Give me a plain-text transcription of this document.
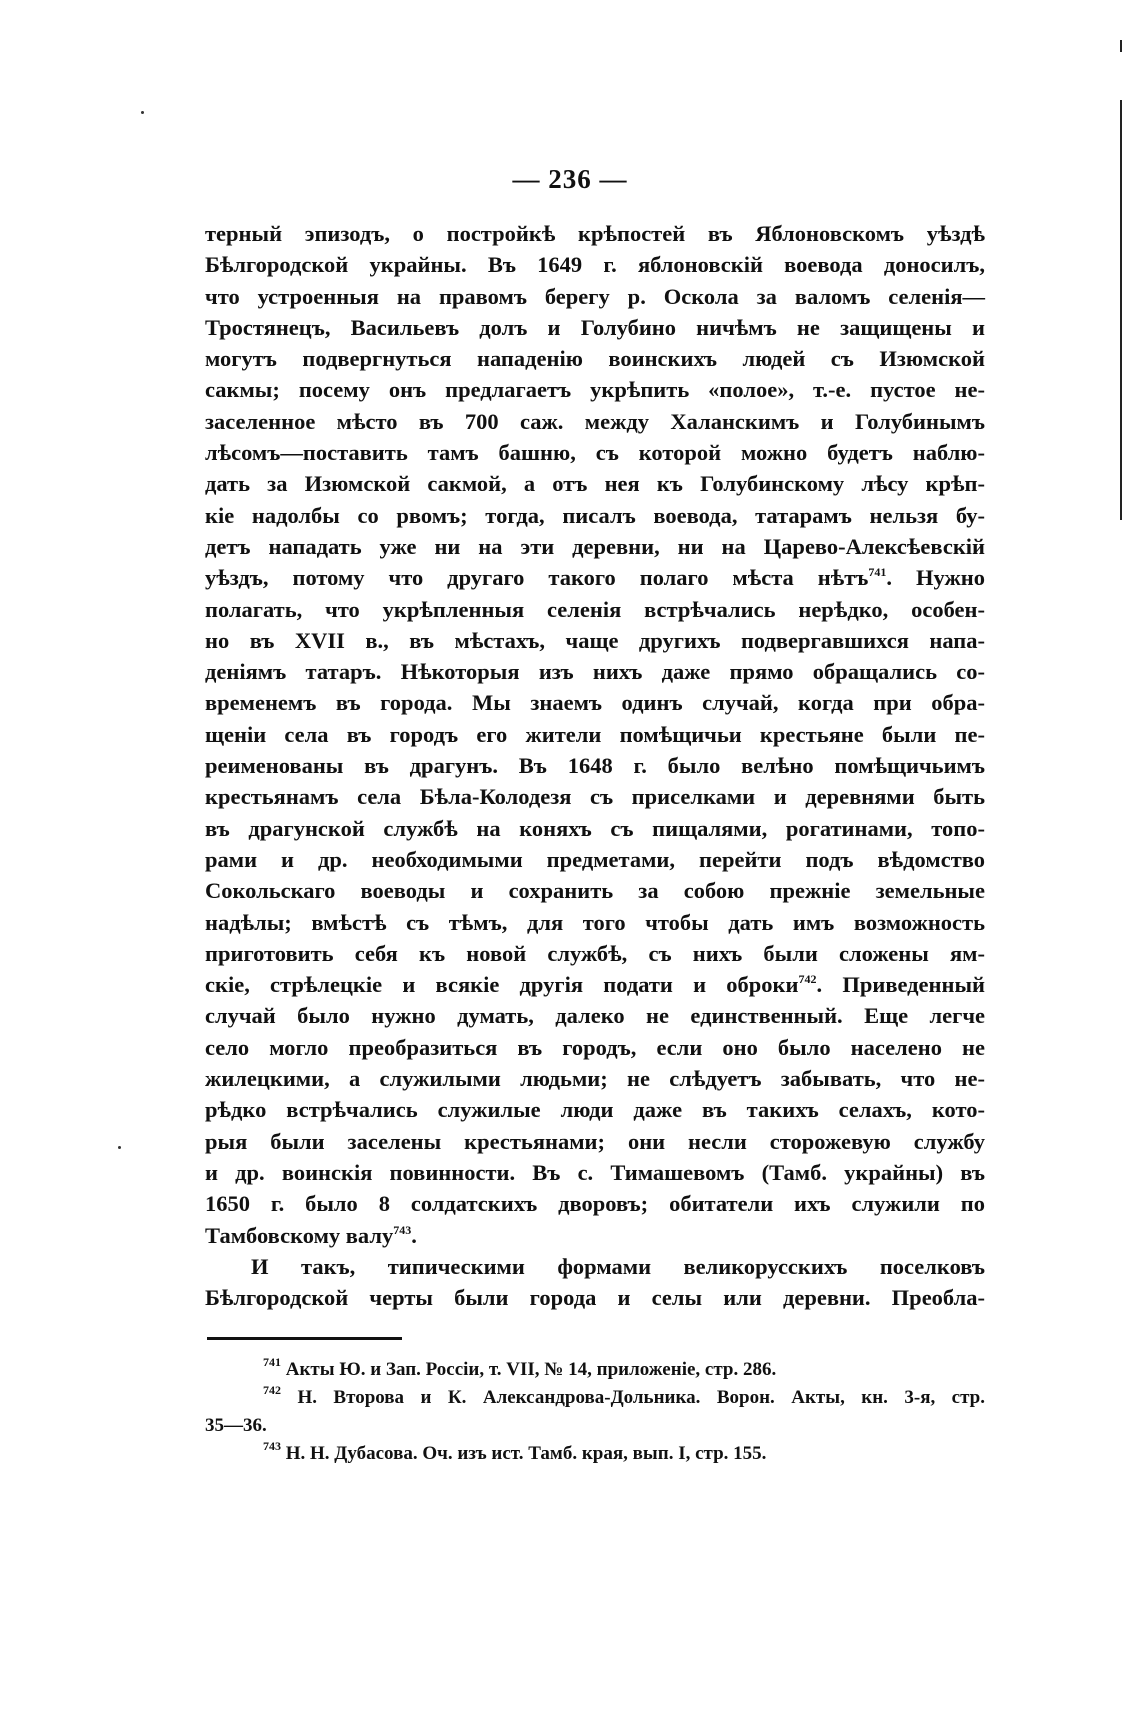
— 236 —
терный эпизодъ, о постройкѣ крѣпостей въ Яблоновскомъ уѣздѣ
Бѣлгородской украйны. Въ 1649 г. яблоновскій воевода доносилъ,
что устроенныя на правомъ берегу р. Оскола за валомъ селенія—
Тростянецъ, Васильевъ долъ и Голубино ничѣмъ не защищены и
могутъ подвергнуться нападенію воинскихъ людей съ Изюмской
сакмы; посему онъ предлагаетъ укрѣпить «полое», т.-е. пустое не-
заселенное мѣсто въ 700 саж. между Халанскимъ и Голубинымъ
лѣсомъ—поставить тамъ башню, съ которой можно будетъ наблю-
дать за Изюмской сакмой, а отъ нея къ Голубинскому лѣсу крѣп-
кіе надолбы со рвомъ; тогда, писалъ воевода, татарамъ нельзя бу-
детъ нападать уже ни на эти деревни, ни на Царево-Алексѣевскій
уѣздъ, потому что другаго такого полаго мѣста нѣтъ$^{741}$. Нужно
полагать, что укрѣпленныя селенія встрѣчались нерѣдко, особен-
но въ XVII в., въ мѣстахъ, чаще другихъ подвергавшихся напа-
деніямъ татаръ. Нѣкоторыя изъ нихъ даже прямо обращались со-
временемъ въ города. Мы знаемъ одинъ случай, когда при обра-
щеніи села въ городъ его жители помѣщичьи крестьяне были пе-
реименованы въ драгунъ. Въ 1648 г. было велѣно помѣщичьимъ
крестьянамъ села Бѣла-Колодезя съ приселками и деревнями быть
въ драгунской службѣ на коняхъ съ пищалями, рогатинами, топо-
рами и др. необходимыми предметами, перейти подъ вѣдомство
Сокольскаго воеводы и сохранить за собою прежніе земельные
надѣлы; вмѣстѣ съ тѣмъ, для того чтобы дать имъ возможность
приготовить себя къ новой службѣ, съ нихъ были сложены ям-
скіе, стрѣлецкіе и всякіе другія подати и оброки$^{742}$. Приведенный
случай было нужно думать, далеко не единственный. Еще легче
село могло преобразиться въ городъ, если оно было населено не
жилецкими, а служилыми людьми; не слѣдуетъ забывать, что не-
рѣдко встрѣчались служилые люди даже въ такихъ селахъ, кото-
рыя были заселены крестьянами; они несли сторожевую службу
и др. воинскія повинности. Въ с. Тимашевомъ (Тамб. украйны) въ
1650 г. было 8 солдатскихъ дворовъ; обитатели ихъ служили по
Тамбовскому валу$^{743}$.
И такъ, типическими формами великорусскихъ поселковъ
Бѣлгородской черты были города и селы или деревни. Преобла-
$^{741}$ Акты Ю. и Зап. Россіи, т. VII, № 14, приложеніе, стр. 286.
$^{742}$ Н. Второва и К. Александрова-Дольника. Ворон. Акты, кн. 3-я, стр.
35—36.
$^{743}$ Н. Н. Дубасова. Оч. изъ ист. Тамб. края, вып. I, стр. 155.
